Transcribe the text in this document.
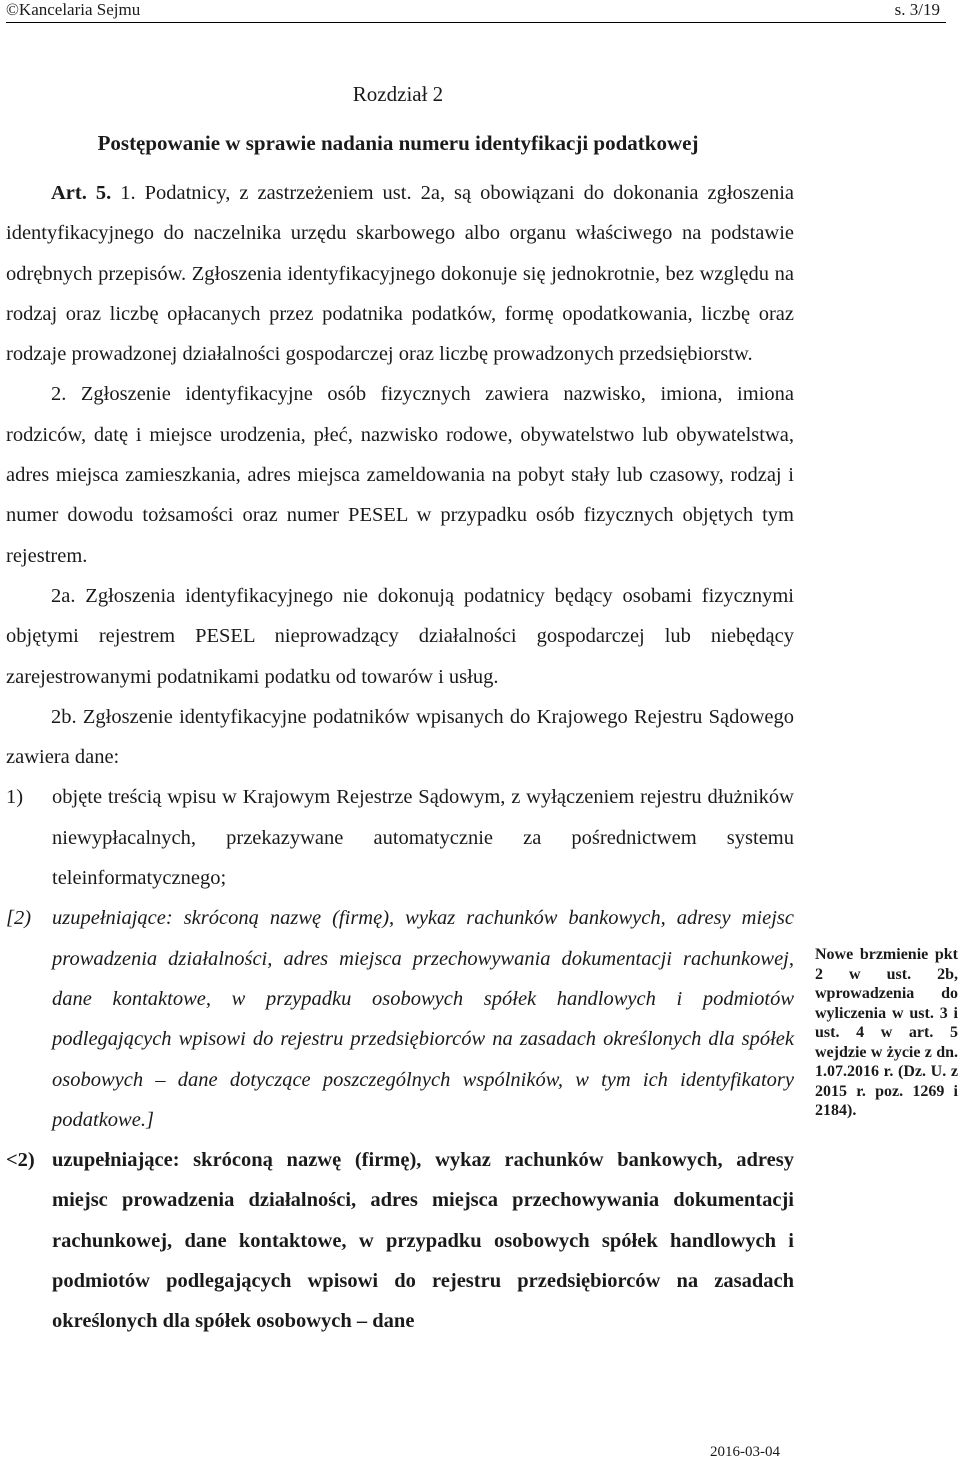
©Kancelaria Sejmu	s. 3/19
Rozdział 2
Postępowanie w sprawie nadania numeru identyfikacji podatkowej

Art. 5. 1. Podatnicy, z zastrzeżeniem ust. 2a, są obowiązani do dokonania zgłoszenia identyfikacyjnego do naczelnika urzędu skarbowego albo organu właściwego na podstawie odrębnych przepisów. Zgłoszenia identyfikacyjnego dokonuje się jednokrotnie, bez względu na rodzaj oraz liczbę opłacanych przez podatnika podatków, formę opodatkowania, liczbę oraz rodzaje prowadzonej działalności gospodarczej oraz liczbę prowadzonych przedsiębiorstw.

2. Zgłoszenie identyfikacyjne osób fizycznych zawiera nazwisko, imiona, imiona rodziców, datę i miejsce urodzenia, płeć, nazwisko rodowe, obywatelstwo lub obywatelstwa, adres miejsca zamieszkania, adres miejsca zameldowania na pobyt stały lub czasowy, rodzaj i numer dowodu tożsamości oraz numer PESEL w przypadku osób fizycznych objętych tym rejestrem.

2a. Zgłoszenia identyfikacyjnego nie dokonują podatnicy będący osobami fizycznymi objętymi rejestrem PESEL nieprowadzący działalności gospodarczej lub niebędący zarejestrowanymi podatnikami podatku od towarów i usług.

2b. Zgłoszenie identyfikacyjne podatników wpisanych do Krajowego Rejestru Sądowego zawiera dane:

1) objęte treścią wpisu w Krajowym Rejestrze Sądowym, z wyłączeniem rejestru dłużników niewypłacalnych, przekazywane automatycznie za pośrednictwem systemu teleinformatycznego;
[2) uzupełniające: skróconą nazwę (firmę), wykaz rachunków bankowych, adresy miejsc prowadzenia działalności, adres miejsca przechowywania dokumentacji rachunkowej, dane kontaktowe, w przypadku osobowych spółek handlowych i podmiotów podlegających wpisowi do rejestru przedsiębiorców na zasadach określonych dla spółek osobowych – dane dotyczące poszczególnych wspólników, w tym ich identyfikatory podatkowe.]
<2) uzupełniające: skróconą nazwę (firmę), wykaz rachunków bankowych, adresy miejsc prowadzenia działalności, adres miejsca przechowywania dokumentacji rachunkowej, dane kontaktowe, w przypadku osobowych spółek handlowych i podmiotów podlegających wpisowi do rejestru przedsiębiorców na zasadach określonych dla spółek osobowych – dane
Nowe brzmienie pkt 2 w ust. 2b, wprowadzenia do wyliczenia w ust. 3 i ust. 4 w art. 5 wejdzie w życie z dn. 1.07.2016 r. (Dz. U. z 2015 r. poz. 1269 i 2184).
2016-03-04
